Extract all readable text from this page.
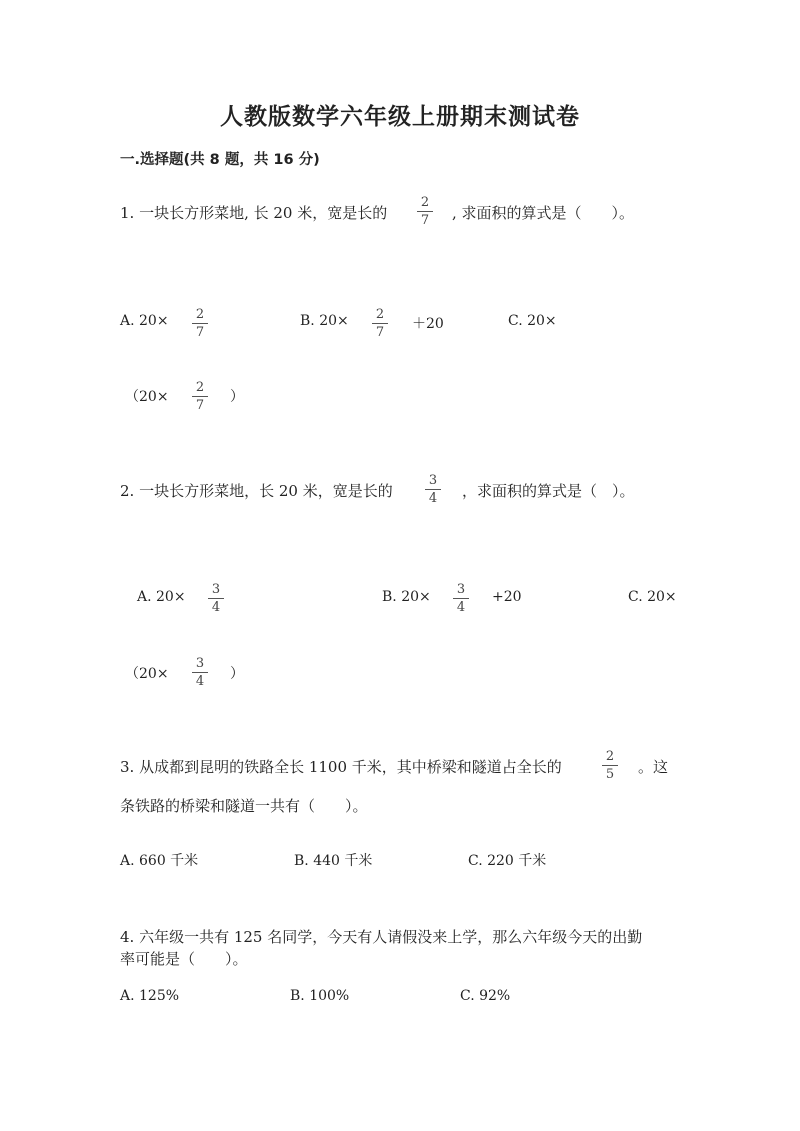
人教版数学六年级上册期末测试卷
一.选择题(共 8 题，共 16 分)
1. 一块长方形菜地, 长 20 米，宽是长的
2
7	, 求面积的算式是（　　）。
A. 20×	2
7
B. 20×	2
7
＋20	C. 20×
（20×
2
7
）
2. 一块长方形菜地，长 20 米，宽是长的
3
4	，求面积的算式是（　）。
A. 20×	3
4
B. 20×	3
4
+20	C. 20×
（20×
3
4	）
3. 从成都到昆明的铁路全长 1100 千米，其中桥梁和隧道占全长的
2
5	。这
条铁路的桥梁和隧道一共有（　　）。
A. 660 千米	B. 440 千米	C. 220 千米
4. 六年级一共有 125 名同学，今天有人请假没来上学，那么六年级今天的出勤
率可能是（　　）。
A. 125%	B. 100%	C. 92%
